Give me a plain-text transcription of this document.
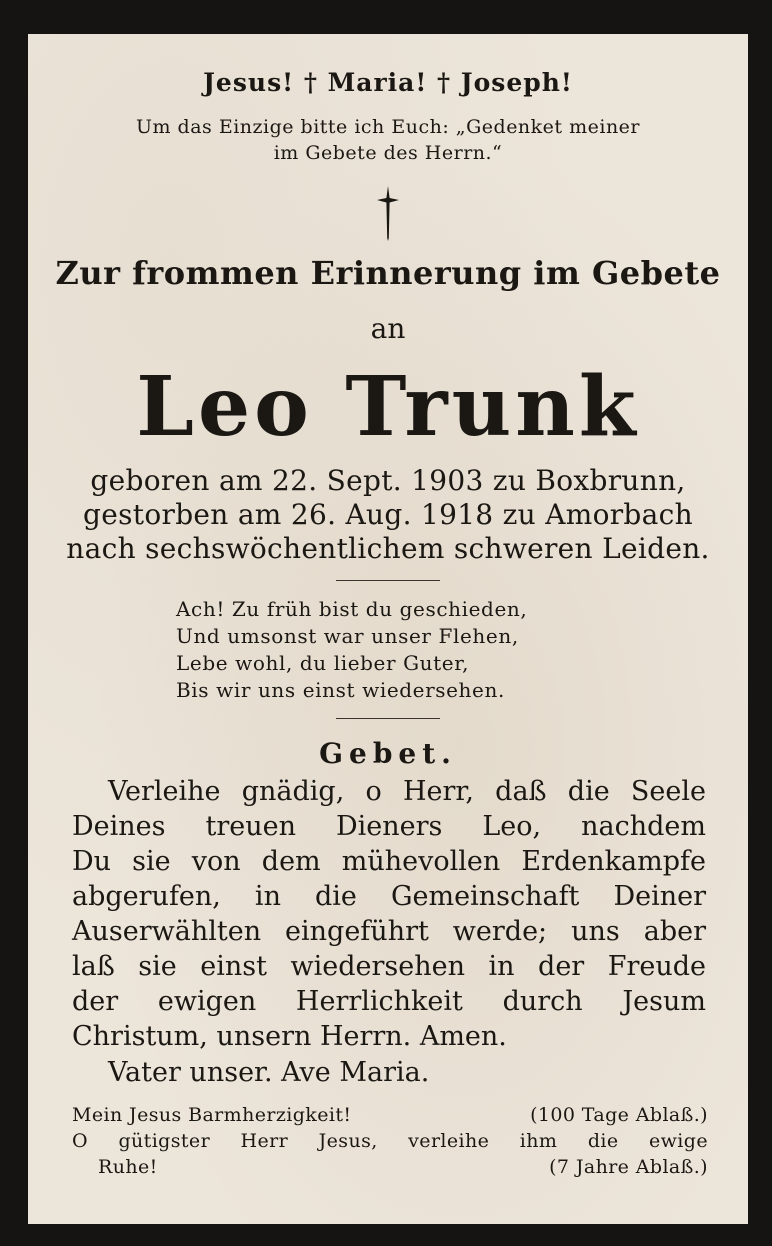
Jesus! † Maria! † Joseph!
Um das Einzige bitte ich Euch: „Gedenket meiner
im Gebete des Herrn.“
Zur frommen Erinnerung im Gebete
an
Leo Trunk
geboren am 22. Sept. 1903 zu Boxbrunn,
gestorben am 26. Aug. 1918 zu Amorbach
nach sechswöchentlichem schweren Leiden.
Ach! Zu früh bist du geschieden,
Und umsonst war unser Flehen,
Lebe wohl, du lieber Guter,
Bis wir uns einst wiedersehen.
Gebet.
Verleihe gnädig, o Herr, daß die Seele
Deines treuen Dieners Leo, nachdem
Du sie von dem mühevollen Erdenkampfe
abgerufen, in die Gemeinschaft Deiner
Auserwählten eingeführt werde; uns aber
laß sie einst wiedersehen in der Freude
der ewigen Herrlichkeit durch Jesum
Christum, unsern Herrn. Amen.
Vater unser. Ave Maria.
Mein Jesus Barmherzigkeit!	(100 Tage Ablaß.)
O gütigster Herr Jesus, verleihe ihm die ewige
Ruhe!	(7 Jahre Ablaß.)
